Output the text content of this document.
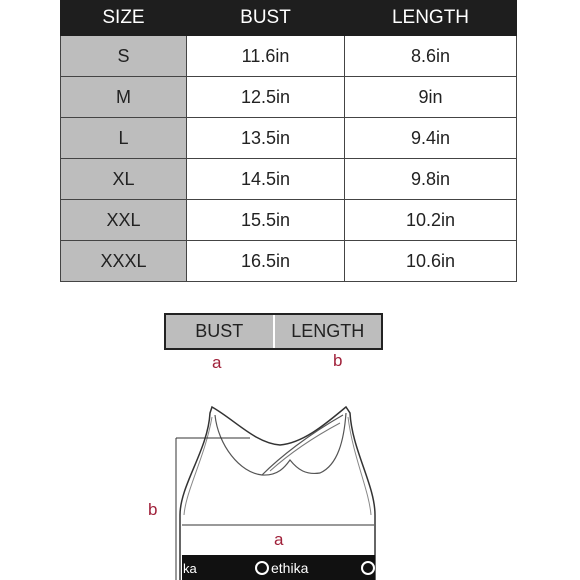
SIZE	BUST	LENGTH
S	11.6in	8.6in
M	12.5in	9in
L	13.5in	9.4in
XL	14.5in	9.8in
XXL	15.5in	10.2in
XXXL	16.5in	10.6in
BUST	LENGTH
a	b
ka	ethika
b
a
